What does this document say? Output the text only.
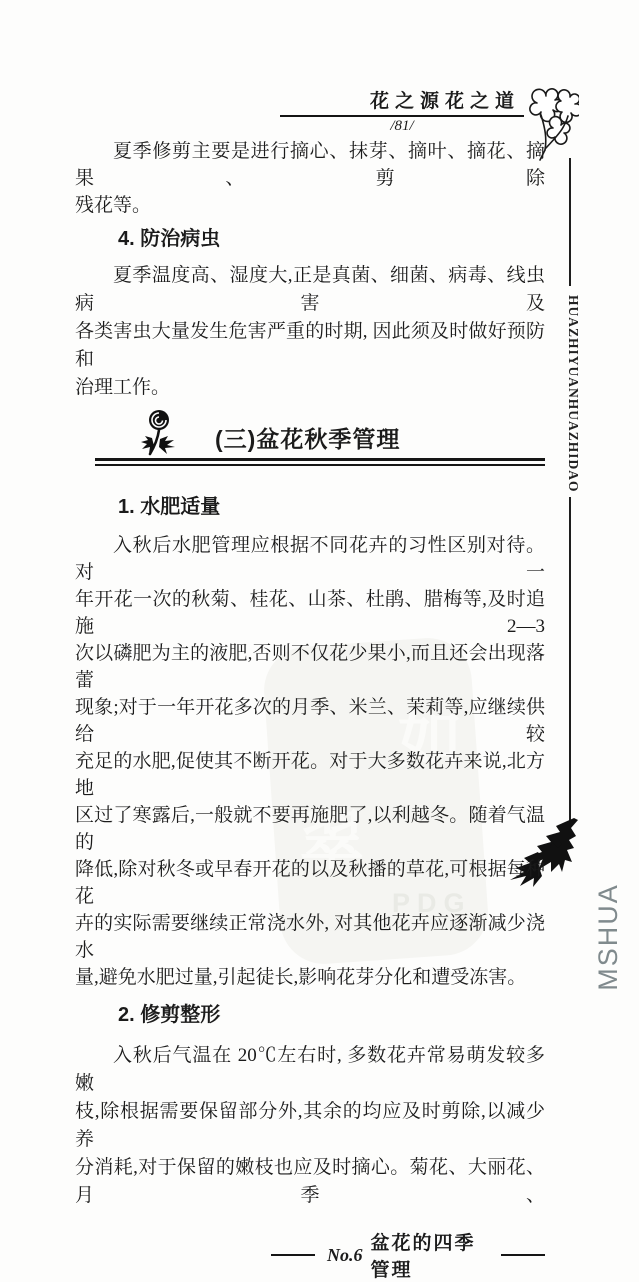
如
翠
PDG
花之源花之道
/81/
HUAZHIYUANHUAZHIDAO
夏季修剪主要是进行摘心、抹芽、摘叶、摘花、摘果、剪除
残花等。
4. 防治病虫
夏季温度高、湿度大,正是真菌、细菌、病毒、线虫病害及
各类害虫大量发生危害严重的时期, 因此须及时做好预防和
治理工作。
(三)盆花秋季管理
1. 水肥适量
入秋后水肥管理应根据不同花卉的习性区别对待。对一
年开花一次的秋菊、桂花、山茶、杜鹃、腊梅等,及时追施 2—3
次以磷肥为主的液肥,否则不仅花少果小,而且还会出现落蕾
现象;对于一年开花多次的月季、米兰、茉莉等,应继续供给较
充足的水肥,促使其不断开花。对于大多数花卉来说,北方地
区过了寒露后,一般就不要再施肥了,以利越冬。随着气温的
降低,除对秋冬或早春开花的以及秋播的草花,可根据每种花
卉的实际需要继续正常浇水外, 对其他花卉应逐渐减少浇水
量,避免水肥过量,引起徒长,影响花芽分化和遭受冻害。
2. 修剪整形
入秋后气温在 20℃左右时, 多数花卉常易萌发较多嫩
枝,除根据需要保留部分外,其余的均应及时剪除,以减少养
分消耗,对于保留的嫩枝也应及时摘心。菊花、大丽花、月季、
No.6
盆花的四季管理
MSHUA
